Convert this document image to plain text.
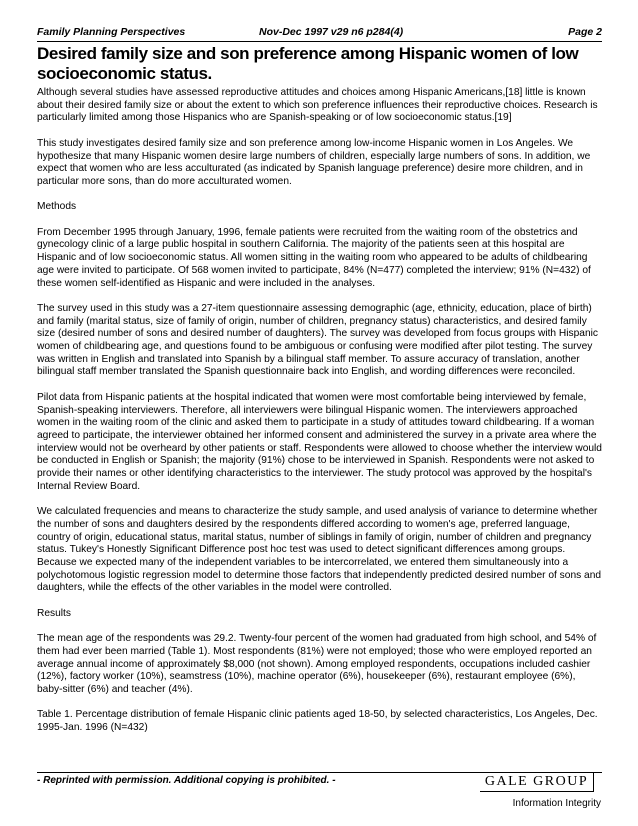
Family Planning Perspectives	Nov-Dec 1997 v29 n6 p284(4)	Page 2
Desired family size and son preference among Hispanic women of low socioeconomic status.

Although several studies have assessed reproductive attitudes and choices among Hispanic Americans,[18] little is known about their desired family size or about the extent to which son preference influences their reproductive choices. Research is particularly limited among those Hispanics who are Spanish-speaking or of low socioeconomic status.[19]

This study investigates desired family size and son preference among low-income Hispanic women in Los Angeles. We hypothesize that many Hispanic women desire large numbers of children, especially large numbers of sons. In addition, we expect that women who are less acculturated (as indicated by Spanish language preference) desire more children, and in particular more sons, than do more acculturated women.

Methods

From December 1995 through January, 1996, female patients were recruited from the waiting room of the obstetrics and gynecology clinic of a large public hospital in southern California. The majority of the patients seen at this hospital are Hispanic and of low socioeconomic status. All women sitting in the waiting room who appeared to be adults of childbearing age were invited to participate. Of 568 women invited to participate, 84% (N=477) completed the interview; 91% (N=432) of these women self-identified as Hispanic and were included in the analyses.

The survey used in this study was a 27-item questionnaire assessing demographic (age, ethnicity, education, place of birth) and family (marital status, size of family of origin, number of children, pregnancy status) characteristics, and desired family size (desired number of sons and desired number of daughters). The survey was developed from focus groups with Hispanic women of childbearing age, and questions found to be ambiguous or confusing were modified after pilot testing. The survey was written in English and translated into Spanish by a bilingual staff member. To assure accuracy of translation, another bilingual staff member translated the Spanish questionnaire back into English, and wording differences were reconciled.

Pilot data from Hispanic patients at the hospital indicated that women were most comfortable being interviewed by female, Spanish-speaking interviewers. Therefore, all interviewers were bilingual Hispanic women. The interviewers approached women in the waiting room of the clinic and asked them to participate in a study of attitudes toward childbearing. If a woman agreed to participate, the interviewer obtained her informed consent and administered the survey in a private area where the interview would not be overheard by other patients or staff. Respondents were allowed to choose whether the interview would be conducted in English or Spanish; the majority (91%) chose to be interviewed in Spanish. Respondents were not asked to provide their names or other identifying characteristics to the interviewer. The study protocol was approved by the hospital's Internal Review Board.

We calculated frequencies and means to characterize the study sample, and used analysis of variance to determine whether the number of sons and daughters desired by the respondents differed according to women's age, preferred language, country of origin, educational status, marital status, number of siblings in family of origin, number of children and pregnancy status. Tukey's Honestly Significant Difference post hoc test was used to detect significant differences among groups. Because we expected many of the independent variables to be intercorrelated, we entered them simultaneously into a polychotomous logistic regression model to determine those factors that independently predicted desired number of sons and daughters, while the effects of the other variables in the model were controlled.

Results

The mean age of the respondents was 29.2. Twenty-four percent of the women had graduated from high school, and 54% of them had ever been married (Table 1). Most respondents (81%) were not employed; those who were employed reported an average annual income of approximately $8,000 (not shown). Among employed respondents, occupations included cashier (12%), factory worker (10%), seamstress (10%), machine operator (6%), housekeeper (6%), restaurant employee (6%), baby-sitter (6%) and teacher (4%).

Table 1. Percentage distribution of female Hispanic clinic patients aged 18-50, by selected characteristics, Los Angeles, Dec. 1995-Jan. 1996 (N=432)

- Reprinted with permission. Additional copying is prohibited. -	GALE GROUP
Information Integrity
